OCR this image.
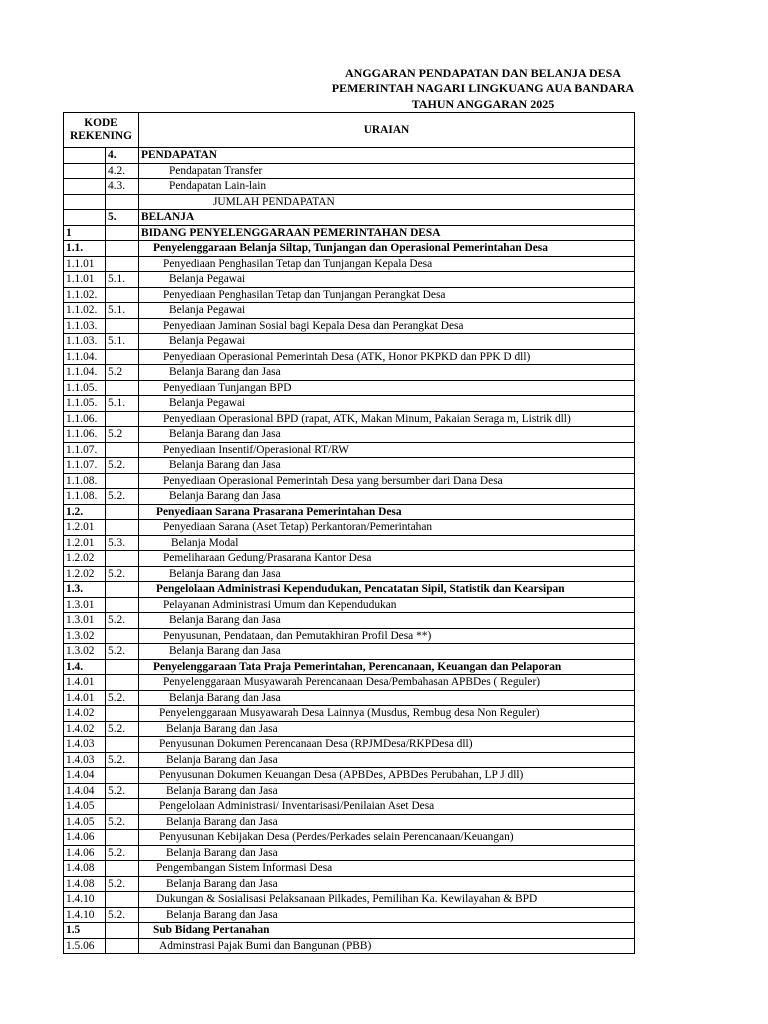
ANGGARAN PENDAPATAN DAN BELANJA DESA
PEMERINTAH NAGARI LINGKUANG AUA BANDARA
TAHUN ANGGARAN 2025
KODE
REKENING		URAIAN
	4.	PENDAPATAN
	4.2.	Pendapatan Transfer
	4.3.	Pendapatan Lain-lain
		JUMLAH PENDAPATAN
	5.	BELANJA
1		BIDANG PENYELENGGARAAN PEMERINTAHAN DESA
1.1.		Penyelenggaraan Belanja Siltap, Tunjangan dan Operasional Pemerintahan Desa
1.1.01		Penyediaan Penghasilan Tetap dan Tunjangan Kepala Desa
1.1.01	5.1.	Belanja Pegawai
1.1.02.		Penyediaan Penghasilan Tetap dan Tunjangan Perangkat Desa
1.1.02.	5.1.	Belanja Pegawai
1.1.03.		Penyediaan Jaminan Sosial bagi Kepala Desa dan Perangkat Desa
1.1.03.	5.1.	Belanja Pegawai
1.1.04.		Penyediaan Operasional Pemerintah Desa (ATK, Honor PKPKD dan PPK D dll)
1.1.04.	5.2	Belanja Barang dan Jasa
1.1.05.		Penyediaan Tunjangan BPD
1.1.05.	5.1.	Belanja Pegawai
1.1.06.		Penyediaan Operasional BPD (rapat, ATK, Makan Minum, Pakaian Seraga m, Listrik dll)
1.1.06.	5.2	Belanja Barang dan Jasa
1.1.07.		Penyediaan Insentif/Operasional RT/RW
1.1.07.	5.2.	Belanja Barang dan Jasa
1.1.08.		Penyediaan Operasional Pemerintah Desa yang bersumber dari Dana Desa
1.1.08.	5.2.	Belanja Barang dan Jasa
1.2.		Penyediaan Sarana Prasarana Pemerintahan Desa
1.2.01		Penyediaan Sarana (Aset Tetap) Perkantoran/Pemerintahan
1.2.01	5.3.	Belanja Modal
1.2.02		Pemeliharaan Gedung/Prasarana Kantor Desa
1.2.02	5.2.	Belanja Barang dan Jasa
1.3.		Pengelolaan Administrasi Kependudukan, Pencatatan Sipil, Statistik dan Kearsipan
1.3.01		Pelayanan Administrasi Umum dan Kependudukan
1.3.01	5.2.	Belanja Barang dan Jasa
1.3.02		Penyusunan, Pendataan, dan Pemutakhiran Profil Desa **)
1.3.02	5.2.	Belanja Barang dan Jasa
1.4.		Penyelenggaraan Tata Praja Pemerintahan, Perencanaan, Keuangan dan Pelaporan
1.4.01		Penyelenggaraan Musyawarah Perencanaan Desa/Pembahasan APBDes ( Reguler)
1.4.01	5.2.	Belanja Barang dan Jasa
1.4.02		Penyelenggaraan Musyawarah Desa Lainnya (Musdus, Rembug desa Non Reguler)
1.4.02	5.2.	Belanja Barang dan Jasa
1.4.03		Penyusunan Dokumen Perencanaan Desa (RPJMDesa/RKPDesa dll)
1.4.03	5.2.	Belanja Barang dan Jasa
1.4.04		Penyusunan Dokumen Keuangan Desa (APBDes, APBDes Perubahan, LP J dll)
1.4.04	5.2.	Belanja Barang dan Jasa
1.4.05		Pengelolaan Administrasi/ Inventarisasi/Penilaian Aset Desa
1.4.05	5.2.	Belanja Barang dan Jasa
1.4.06		Penyusunan Kebijakan Desa (Perdes/Perkades selain Perencanaan/Keuangan)
1.4.06	5.2.	Belanja Barang dan Jasa
1.4.08		Pengembangan Sistem Informasi Desa
1.4.08	5.2.	Belanja Barang dan Jasa
1.4.10		Dukungan & Sosialisasi Pelaksanaan Pilkades, Pemilihan Ka. Kewilayahan & BPD
1.4.10	5.2.	Belanja Barang dan Jasa
1.5		Sub Bidang Pertanahan
1.5.06		Adminstrasi Pajak Bumi dan Bangunan (PBB)
